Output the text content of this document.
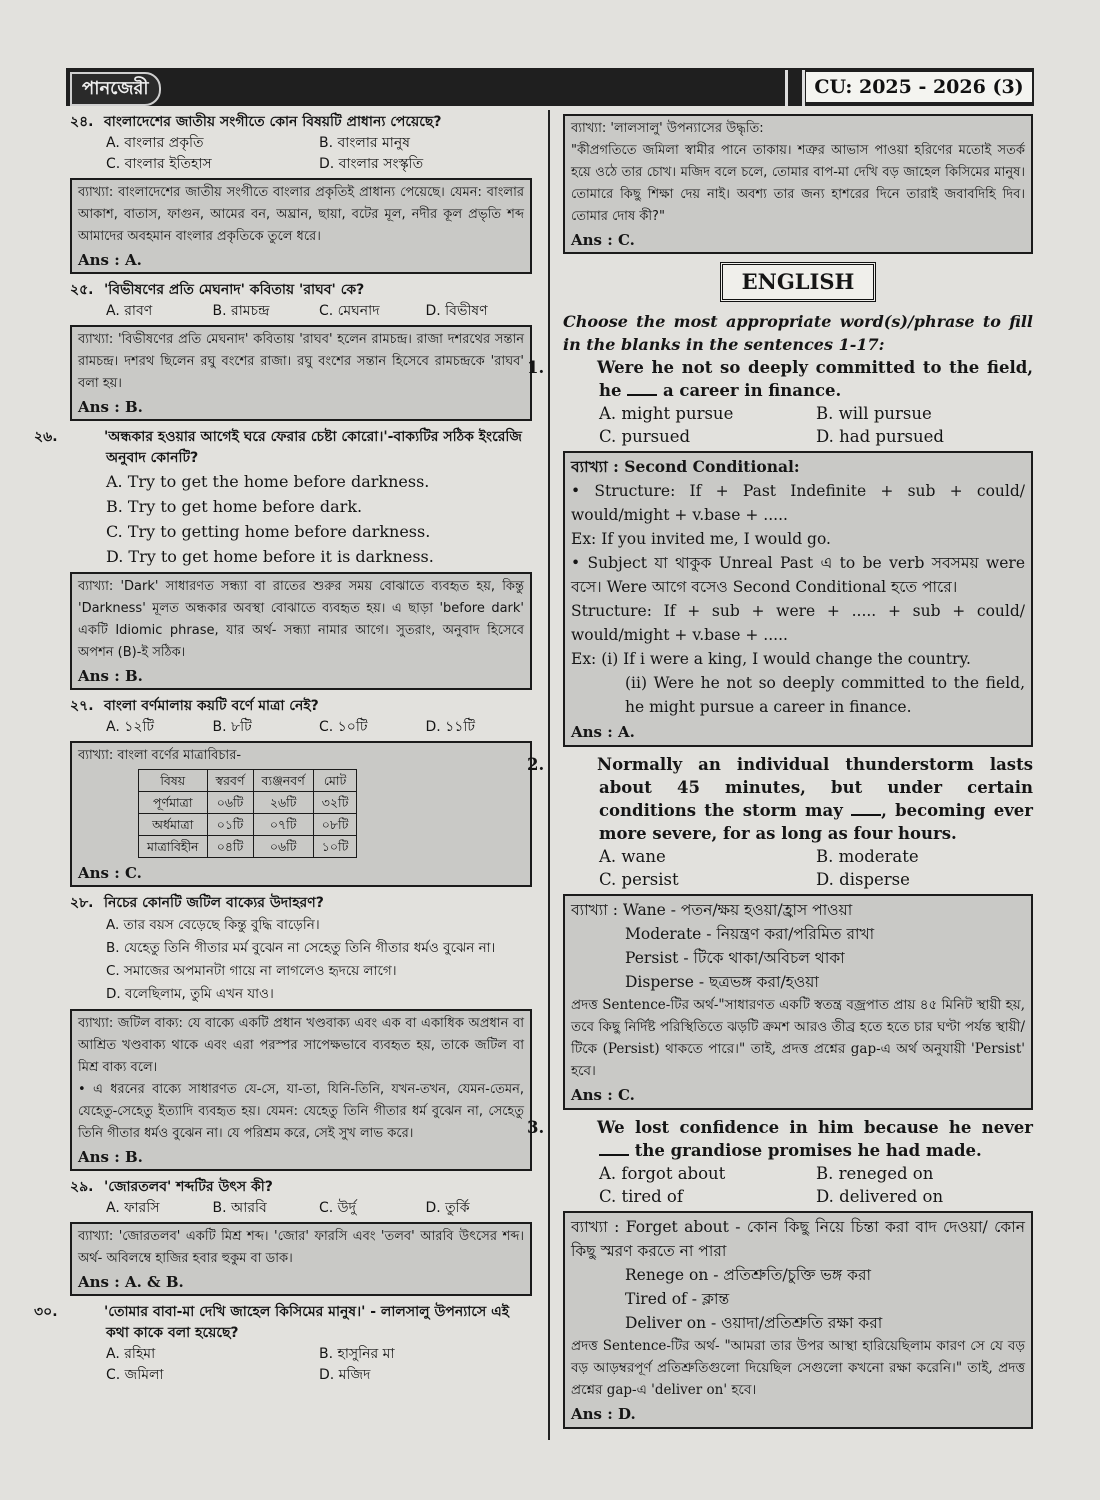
পানজেরী	CU: 2025 - 2026 (3)

২৪. বাংলাদেশের জাতীয় সংগীতে কোন বিষয়টি প্রাধান্য পেয়েছে?

A. বাংলার প্রকৃতি	B. বাংলার মানুষ
C. বাংলার ইতিহাস	D. বাংলার সংস্কৃতি
ব্যাখ্যা: বাংলাদেশের জাতীয় সংগীতে বাংলার প্রকৃতিই প্রাধান্য পেয়েছে। যেমন: বাংলার আকাশ, বাতাস, ফাগুন, আমের বন, অঘ্রান, ছায়া, বটের মূল, নদীর কূল প্রভৃতি শব্দ আমাদের অবহমান বাংলার প্রকৃতিকে তুলে ধরে।
Ans : A.

২৫. 'বিভীষণের প্রতি মেঘনাদ' কবিতায় 'রাঘব' কে?

A. রাবণ	B. রামচন্দ্র	C. মেঘনাদ	D. বিভীষণ
ব্যাখ্যা: 'বিভীষণের প্রতি মেঘনাদ' কবিতায় 'রাঘব' হলেন রামচন্দ্র। রাজা দশরথের সন্তান রামচন্দ্র। দশরথ ছিলেন রঘু বংশের রাজা। রঘু বংশের সন্তান হিসেবে রামচন্দ্রকে 'রাঘব' বলা হয়।
Ans : B.

২৬.	'অন্ধকার হওয়ার আগেই ঘরে ফেরার চেষ্টা কোরো।'-বাক্যটির সঠিক ইংরেজি অনুবাদ কোনটি?

A. Try to get the home before darkness.
B. Try to get home before dark.
C. Try to getting home before darkness.
D. Try to get home before it is darkness.
ব্যাখ্যা: 'Dark' সাধারণত সন্ধ্যা বা রাতের শুরুর সময় বোঝাতে ব্যবহৃত হয়, কিন্তু 'Darkness' মূলত অন্ধকার অবস্থা বোঝাতে ব্যবহৃত হয়। এ ছাড়া 'before dark' একটি Idiomic phrase, যার অর্থ- সন্ধ্যা নামার আগে। সুতরাং, অনুবাদ হিসেবে অপশন (B)-ই সঠিক।
Ans : B.

২৭. বাংলা বর্ণমালায় কয়টি বর্ণে মাত্রা নেই?

A. ১২টি	B. ৮টি	C. ১০টি	D. ১১টি
ব্যাখ্যা: বাংলা বর্ণের মাত্রাবিচার-
বিষয়	স্বরবর্ণ	ব্যঞ্জনবর্ণ	মোট
পূর্ণমাত্রা	০৬টি	২৬টি	৩২টি
অর্ধমাত্রা	০১টি	০৭টি	০৮টি
মাত্রাবিহীন	০৪টি	০৬টি	১০টি
Ans : C.

২৮. নিচের কোনটি জটিল বাক্যের উদাহরণ?

A. তার বয়স বেড়েছে কিন্তু বুদ্ধি বাড়েনি।
B. যেহেতু তিনি গীতার মর্ম বুঝেন না সেহেতু তিনি গীতার ধর্মও বুঝেন না।
C. সমাজের অপমানটা গায়ে না লাগলেও হৃদয়ে লাগে।
D. বলেছিলাম, তুমি এখন যাও।
ব্যাখ্যা: জটিল বাক্য: যে বাক্যে একটি প্রধান খণ্ডবাক্য এবং এক বা একাধিক অপ্রধান বা আশ্রিত খণ্ডবাক্য থাকে এবং এরা পরস্পর সাপেক্ষভাবে ব্যবহৃত হয়, তাকে জটিল বা মিশ্র বাক্য বলে।
• এ ধরনের বাক্যে সাধারণত যে-সে, যা-তা, যিনি-তিনি, যখন-তখন, যেমন-তেমন, যেহেতু-সেহেতু ইত্যাদি ব্যবহৃত হয়। যেমন: যেহেতু তিনি গীতার ধর্ম বুঝেন না, সেহেতু তিনি গীতার ধর্মও বুঝেন না। যে পরিশ্রম করে, সেই সুখ লাভ করে।
Ans : B.

২৯. 'জোরতলব' শব্দটির উৎস কী?

A. ফারসি	B. আরবি	C. উর্দু	D. তুর্কি
ব্যাখ্যা: 'জোরতলব' একটি মিশ্র শব্দ। 'জোর' ফারসি এবং 'তলব' আরবি উৎসের শব্দ। অর্থ- অবিলম্বে হাজির হবার হুকুম বা ডাক।
Ans : A. & B.

৩০.	'তোমার বাবা-মা দেখি জাহেল কিসিমের মানুষ।' - লালসালু উপন্যাসে এই কথা কাকে বলা হয়েছে?

A. রহিমা	B. হাসুনির মা
C. জমিলা	D. মজিদ
ব্যাখ্যা: 'লালসালু' উপন্যাসের উদ্ধৃতি:
"কীপ্রগতিতে জমিলা স্বামীর পানে তাকায়। শত্রুর আভাস পাওয়া হরিণের মতোই সতর্ক হয়ে ওঠে তার চোখ। মজিদ বলে চলে, তোমার বাপ-মা দেখি বড় জাহেল কিসিমের মানুষ। তোমারে কিছু শিক্ষা দেয় নাই। অবশ্য তার জন্য হাশরের দিনে তারাই জবাবদিহি দিব। তোমার দোষ কী?"
Ans : C.
ENGLISH

Choose the most appropriate word(s)/phrase to fill in the blanks in the sentences 1-17:

1.	Were he not so deeply committed to the field, he	a career in finance.

A. might pursue	B. will pursue
C. pursued	D. had pursued
ব্যাখ্যা : Second Conditional:
• Structure: If + Past Indefinite + sub + could/ would/might + v.base + .....
Ex: If you invited me, I would go.
• Subject যা থাকুক Unreal Past এ to be verb সবসময় were বসে। Were আগে বসেও Second Conditional হতে পারে।
Structure: If + sub + were + ..... + sub + could/ would/might + v.base + .....
Ex: (i) If i were a king, I would change the country.
(ii) Were he not so deeply committed to the field, he might pursue a career in finance.
Ans : A.

2.	Normally an individual thunderstorm lasts about 45 minutes, but under certain conditions the storm may , becoming ever more severe, for as long as four hours.

A. wane	B. moderate
C. persist	D. disperse
ব্যাখ্যা : Wane - পতন/ক্ষয় হওয়া/হ্রাস পাওয়া
Moderate - নিয়ন্ত্রণ করা/পরিমিত রাখা
Persist - টিকে থাকা/অবিচল থাকা
Disperse - ছত্রভঙ্গ করা/হওয়া
প্রদত্ত Sentence-টির অর্থ-"সাধারণত একটি স্বতন্ত্র বজ্রপাত প্রায় ৪৫ মিনিট স্থায়ী হয়, তবে কিছু নির্দিষ্ট পরিস্থিতিতে ঝড়টি ক্রমশ আরও তীব্র হতে হতে চার ঘণ্টা পর্যন্ত স্থায়ী/টিকে (Persist) থাকতে পারে।" তাই, প্রদত্ত প্রশ্নের gap-এ অর্থ অনুযায়ী 'Persist' হবে।
Ans : C.

3.	We lost confidence in him because he never  the grandiose promises he had made.

A. forgot about	B. reneged on
C. tired of	D. delivered on
ব্যাখ্যা : Forget about - কোন কিছু নিয়ে চিন্তা করা বাদ দেওয়া/ কোন কিছু স্মরণ করতে না পারা
Renege on - প্রতিশ্রুতি/চুক্তি ভঙ্গ করা
Tired of - ক্লান্ত
Deliver on - ওয়াদা/প্রতিশ্রুতি রক্ষা করা
প্রদত্ত Sentence-টির অর্থ- "আমরা তার উপর আস্থা হারিয়েছিলাম কারণ সে যে বড় বড় আড়ম্বরপূর্ণ প্রতিশ্রুতিগুলো দিয়েছিল সেগুলো কখনো রক্ষা করেনি।" তাই, প্রদত্ত প্রশ্নের gap-এ 'deliver on' হবে।
Ans : D.
